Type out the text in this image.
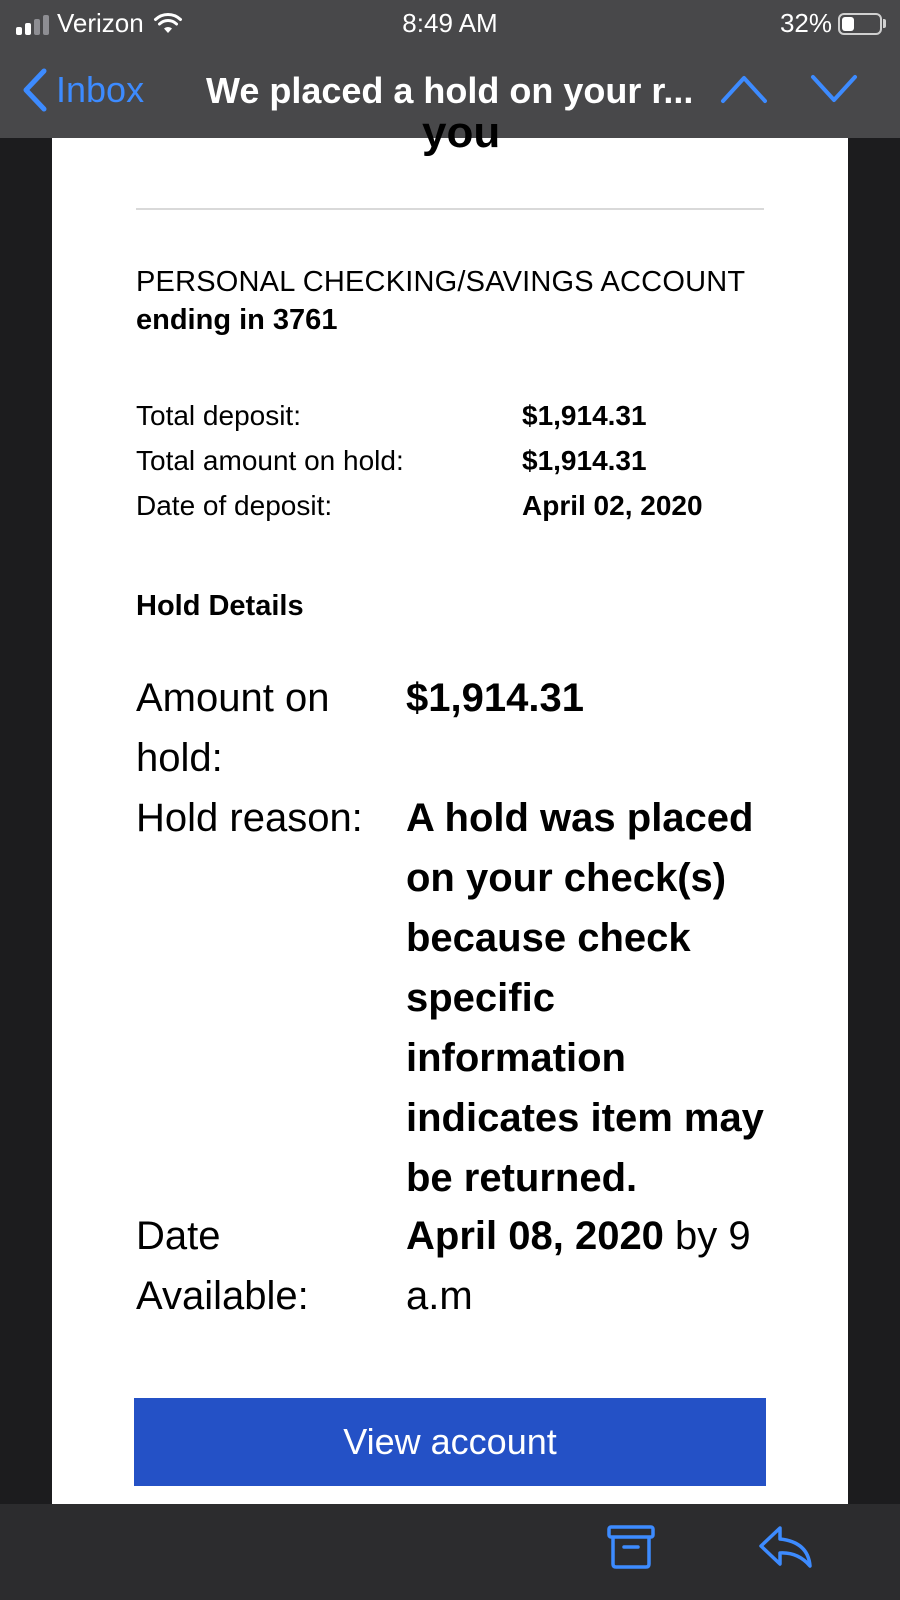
Verizon	8:49 AM	32%
Inbox We placed a hold on your r...
you
PERSONAL CHECKING/SAVINGS ACCOUNT
ending in 3761
Total deposit:	$1,914.31
Total amount on hold:	$1,914.31
Date of deposit:	April 02, 2020
Hold Details
Amount on hold:
$1,914.31
Hold reason:	A hold was placed on your check(s) because check specific information indicates item may be returned.
Date Available:
April 08, 2020 by 9 a.m
View account
